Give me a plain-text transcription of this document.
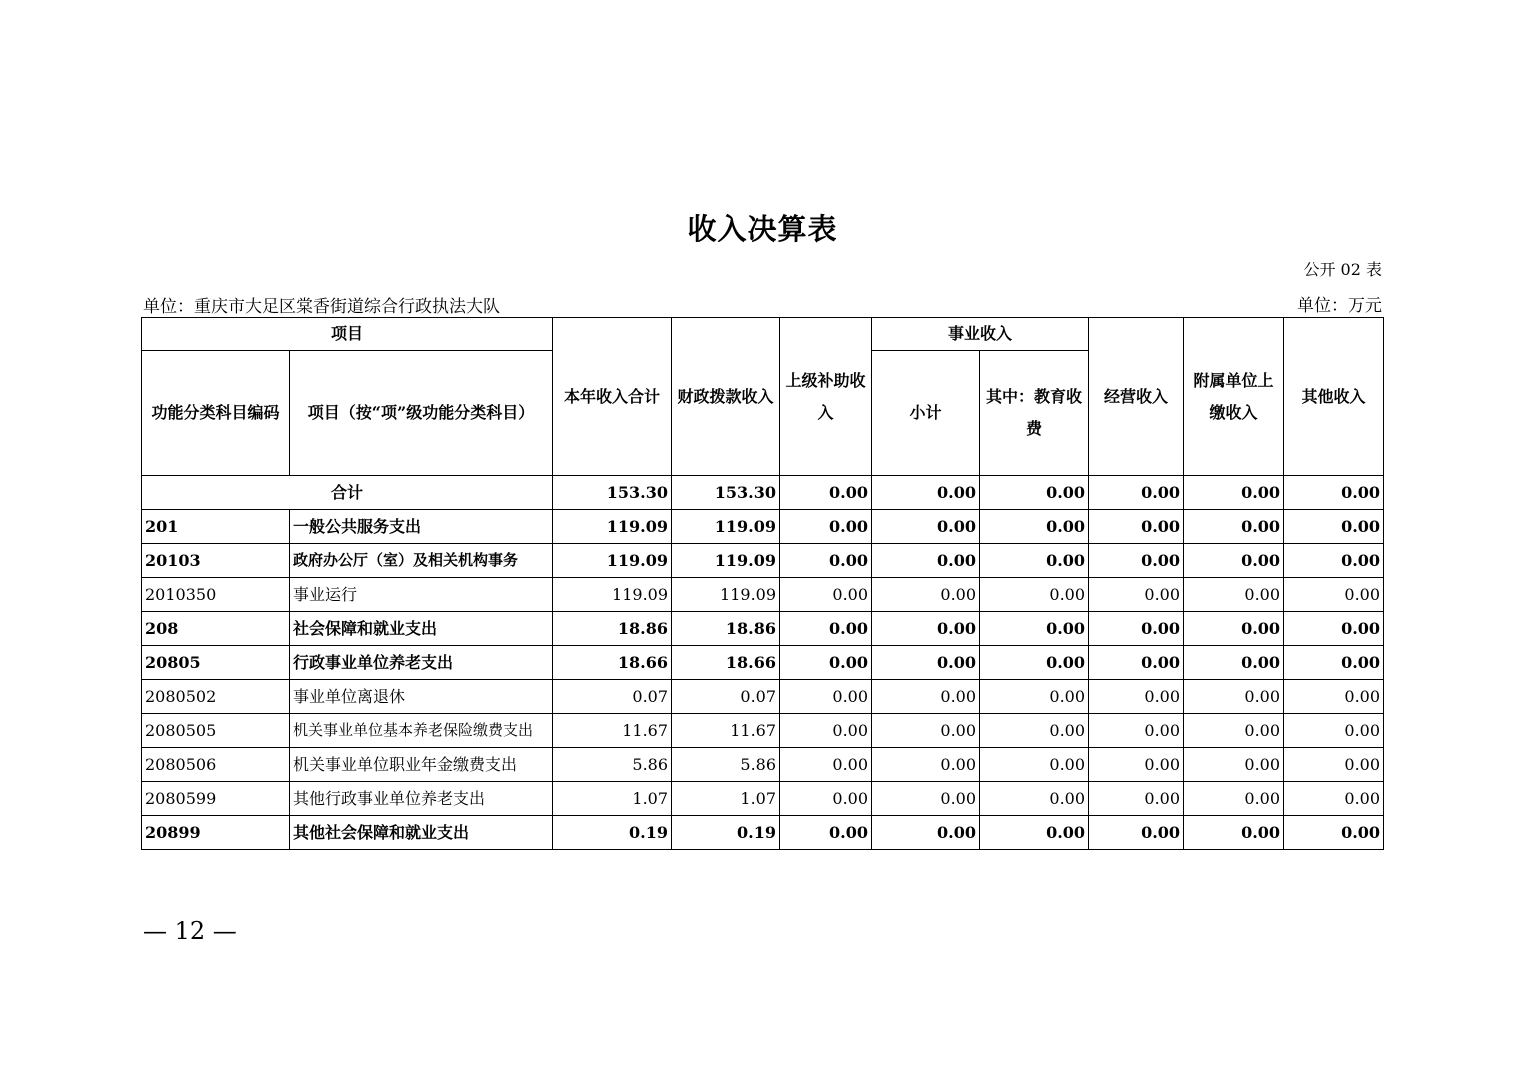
收入决算表
公开 02 表
单位：重庆市大足区棠香街道综合行政执法大队	单位：万元
项目		本年收入合计	财政拨款收入	上级补助收入	事业收入		经营收入	附属单位上缴收入	其他收入
功能分类科目编码	项目（按“项”级功能分类科目）				小计	其中：教育收费			
合计		153.30	153.30	0.00	0.00	0.00	0.00	0.00	0.00
201	一般公共服务支出	119.09	119.09	0.00	0.00	0.00	0.00	0.00	0.00
20103	政府办公厅（室）及相关机构事务	119.09	119.09	0.00	0.00	0.00	0.00	0.00	0.00
2010350	事业运行	119.09	119.09	0.00	0.00	0.00	0.00	0.00	0.00
208	社会保障和就业支出	18.86	18.86	0.00	0.00	0.00	0.00	0.00	0.00
20805	行政事业单位养老支出	18.66	18.66	0.00	0.00	0.00	0.00	0.00	0.00
2080502	事业单位离退休	0.07	0.07	0.00	0.00	0.00	0.00	0.00	0.00
2080505	机关事业单位基本养老保险缴费支出	11.67	11.67	0.00	0.00	0.00	0.00	0.00	0.00
2080506	机关事业单位职业年金缴费支出	5.86	5.86	0.00	0.00	0.00	0.00	0.00	0.00
2080599	其他行政事业单位养老支出	1.07	1.07	0.00	0.00	0.00	0.00	0.00	0.00
20899	其他社会保障和就业支出	0.19	0.19	0.00	0.00	0.00	0.00	0.00	0.00
— 12 —
